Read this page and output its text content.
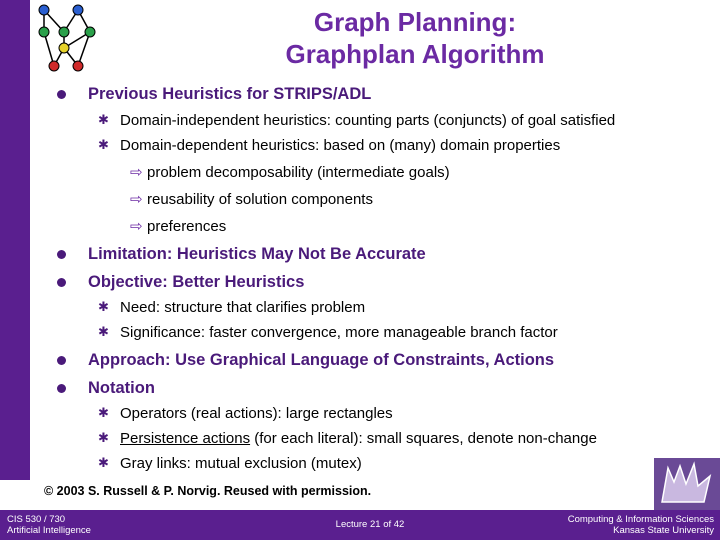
Graph Planning:
Graphplan Algorithm
Previous Heuristics for STRIPS/ADL
✱ Domain-independent heuristics: counting parts (conjuncts) of goal satisfied
✱ Domain-dependent heuristics: based on (many) domain properties
⇨ problem decomposability (intermediate goals)
⇨ reusability of solution components
⇨ preferences
Limitation: Heuristics May Not Be Accurate
Objective: Better Heuristics
✱ Need: structure that clarifies problem
✱ Significance: faster convergence, more manageable branch factor
Approach: Use Graphical Language of Constraints, Actions
Notation
✱ Operators (real actions): large rectangles
✱ Persistence actions (for each literal): small squares, denote non-change
✱ Gray links: mutual exclusion (mutex)
© 2003 S. Russell & P. Norvig. Reused with permission.
CIS 530 / 730
Artificial Intelligence
Lecture 21 of 42	Computing & Information Sciences
Kansas State University
